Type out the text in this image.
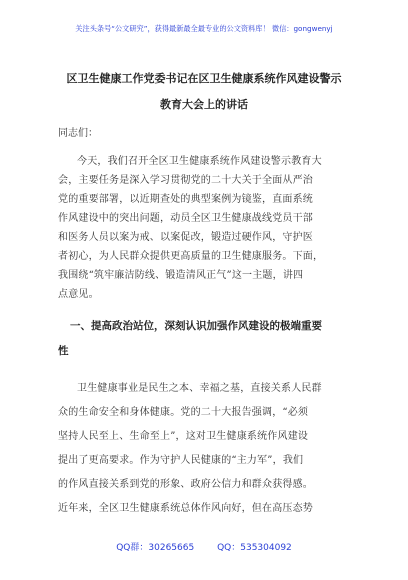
关注头条号“公文研究”，获得最新最全最专业的公文资料库！ 微信：gongwenyj
区卫生健康工作党委书记在区卫生健康系统作风建设警示
教育大会上的讲话
同志们：
今天，我们召开全区卫生健康系统作风建设警示教育大
会，主要任务是深入学习贯彻党的二十大关于全面从严治
党的重要部署，以近期查处的典型案例为镜鉴，直面系统
作风建设中的突出问题，动员全区卫生健康战线党员干部
和医务人员以案为戒、以案促改，锻造过硬作风，守护医
者初心，为人民群众提供更高质量的卫生健康服务。下面，
我围绕“筑牢廉洁防线、锻造清风正气”这一主题，讲四
点意见。
一、提高政治站位，深刻认识加强作风建设的极端重要
性
卫生健康事业是民生之本、幸福之基，直接关系人民群
众的生命安全和身体健康。党的二十大报告强调，“必须
坚持人民至上、生命至上”，这对卫生健康系统作风建设
提出了更高要求。作为守护人民健康的“主力军”，我们
的作风直接关系到党的形象、政府公信力和群众获得感。
近年来，全区卫生健康系统总体作风向好，但在高压态势
QQ群：30265665	QQ：535304092
